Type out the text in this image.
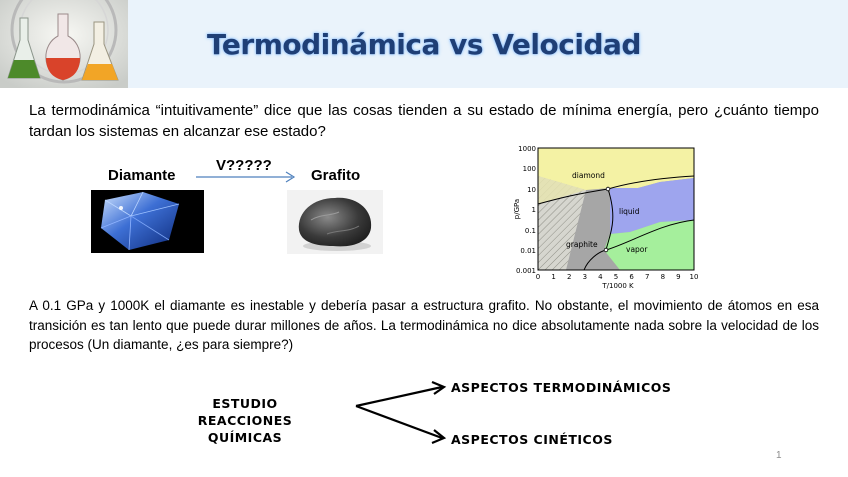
Termodinámica vs Velocidad
La termodinámica “intuitivamente” dice que las cosas tienden a su estado de mínima energía, pero ¿cuánto tiempo tardan los sistemas en alcanzar ese estado?
Diamante
V?????
Grafito	diamond
liquid
graphite
vapor
1000
100
10
1
0.1
0.01
0.001
0 1 2 3 4 5 6 7 8 9 10
T/1000 K
p/GPa
A 0.1 GPa y 1000K el diamante es inestable y debería pasar a estructura grafito. No obstante, el movimiento de átomos en esa transición es tan lento que puede durar millones de años. La termodinámica no dice absolutamente nada sobre la velocidad de los procesos (Un diamante, ¿es para siempre?)
ESTUDIO REACCIONES
QUÍMICAS
ASPECTOS TERMODINÁMICOS
ASPECTOS CINÉTICOS
1
